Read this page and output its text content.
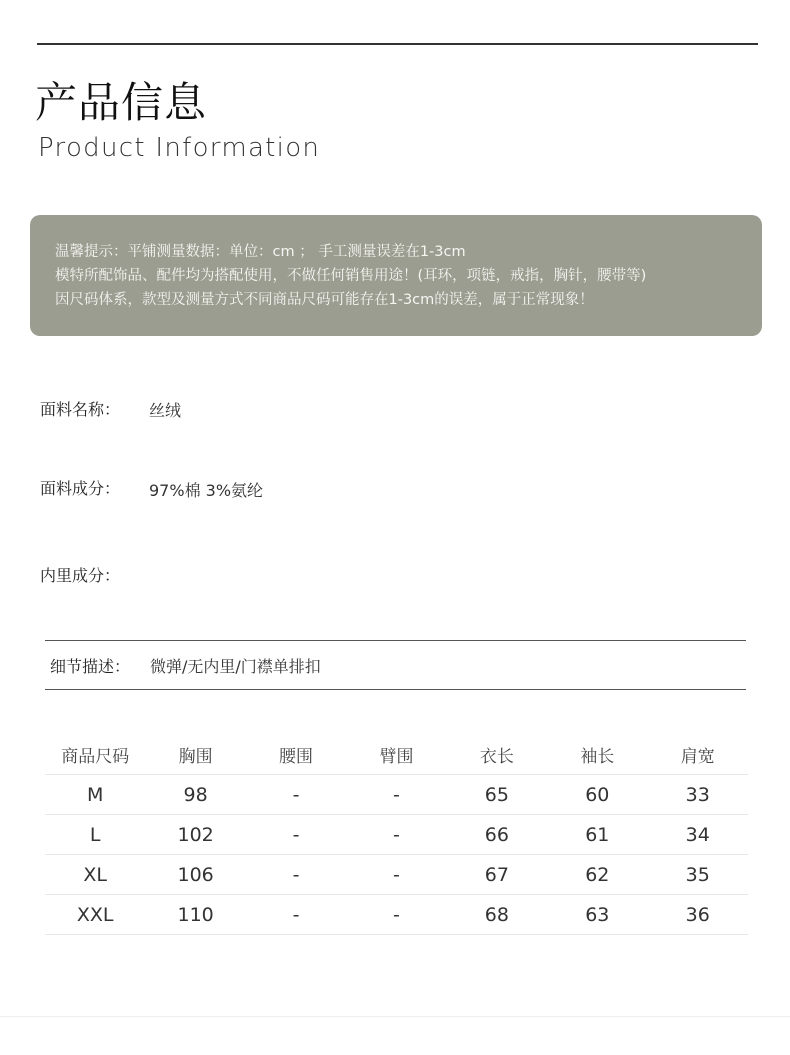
产品信息
Product Information
温馨提示：平铺测量数据：单位：cm ； 手工测量误差在1-3cm
模特所配饰品、配件均为搭配使用，不做任何销售用途！(耳环，项链，戒指，胸针，腰带等)
因尺码体系，款型及测量方式不同商品尺码可能存在1-3cm的误差，属于正常现象！
面料名称： 丝绒
面料成分： 97%棉 3%氨纶
内里成分：
细节描述： 微弹/无内里/门襟单排扣
商品尺码	胸围	腰围	臂围	衣长	袖长	肩宽
M	98	-	-	65	60	33
L	102	-	-	66	61	34
XL	106	-	-	67	62	35
XXL	110	-	-	68	63	36
